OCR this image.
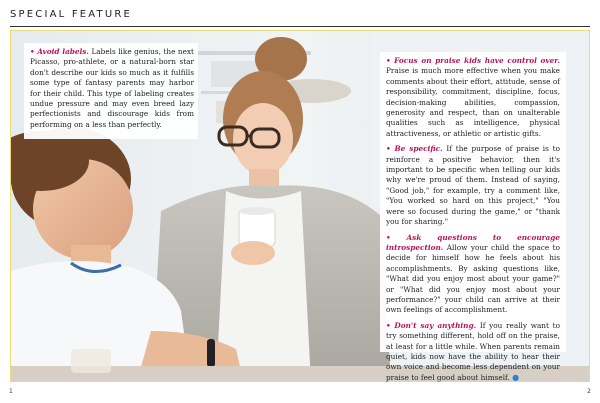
SPECIAL FEATURE

• Avoid labels. Labels like genius, the next Picasso, pro-athlete, or a natural-born star don't describe our kids so much as it fulfills some type of fantasy parents may harbor for their child. This type of labeling creates undue pressure and may even breed lazy perfectionists and discourage kids from performing on a less than perfectly.

• Focus on praise kids have control over. Praise is much more effective when you make comments about their effort, attitude, sense of responsibility, commitment, discipline, focus, decision-making abilities, compassion, generosity and respect, than on unalterable qualities such as intelligence, physical attractiveness, or athletic or artistic gifts.

• Be specific. If the purpose of praise is to reinforce a positive behavior, then it's important to be specific when telling our kids why we're proud of them. Instead of saying, "Good job," for example, try a comment like, "You worked so hard on this project," "You were so focused during the game," or "thank you for sharing."

• Ask questions to encourage introspection. Allow your child the space to decide for himself how he feels about his accomplishments. By asking questions like, "What did you enjoy most about your game?" or "What did you enjoy most about your performance?" your child can arrive at their own feelings of accomplishment.

• Don't say anything. If you really want to try something different, hold off on the praise, at least for a little while. When parents remain quiet, kids now have the ability to hear their own voice and become less dependent on your praise to feel good about himself. ●

1	2
